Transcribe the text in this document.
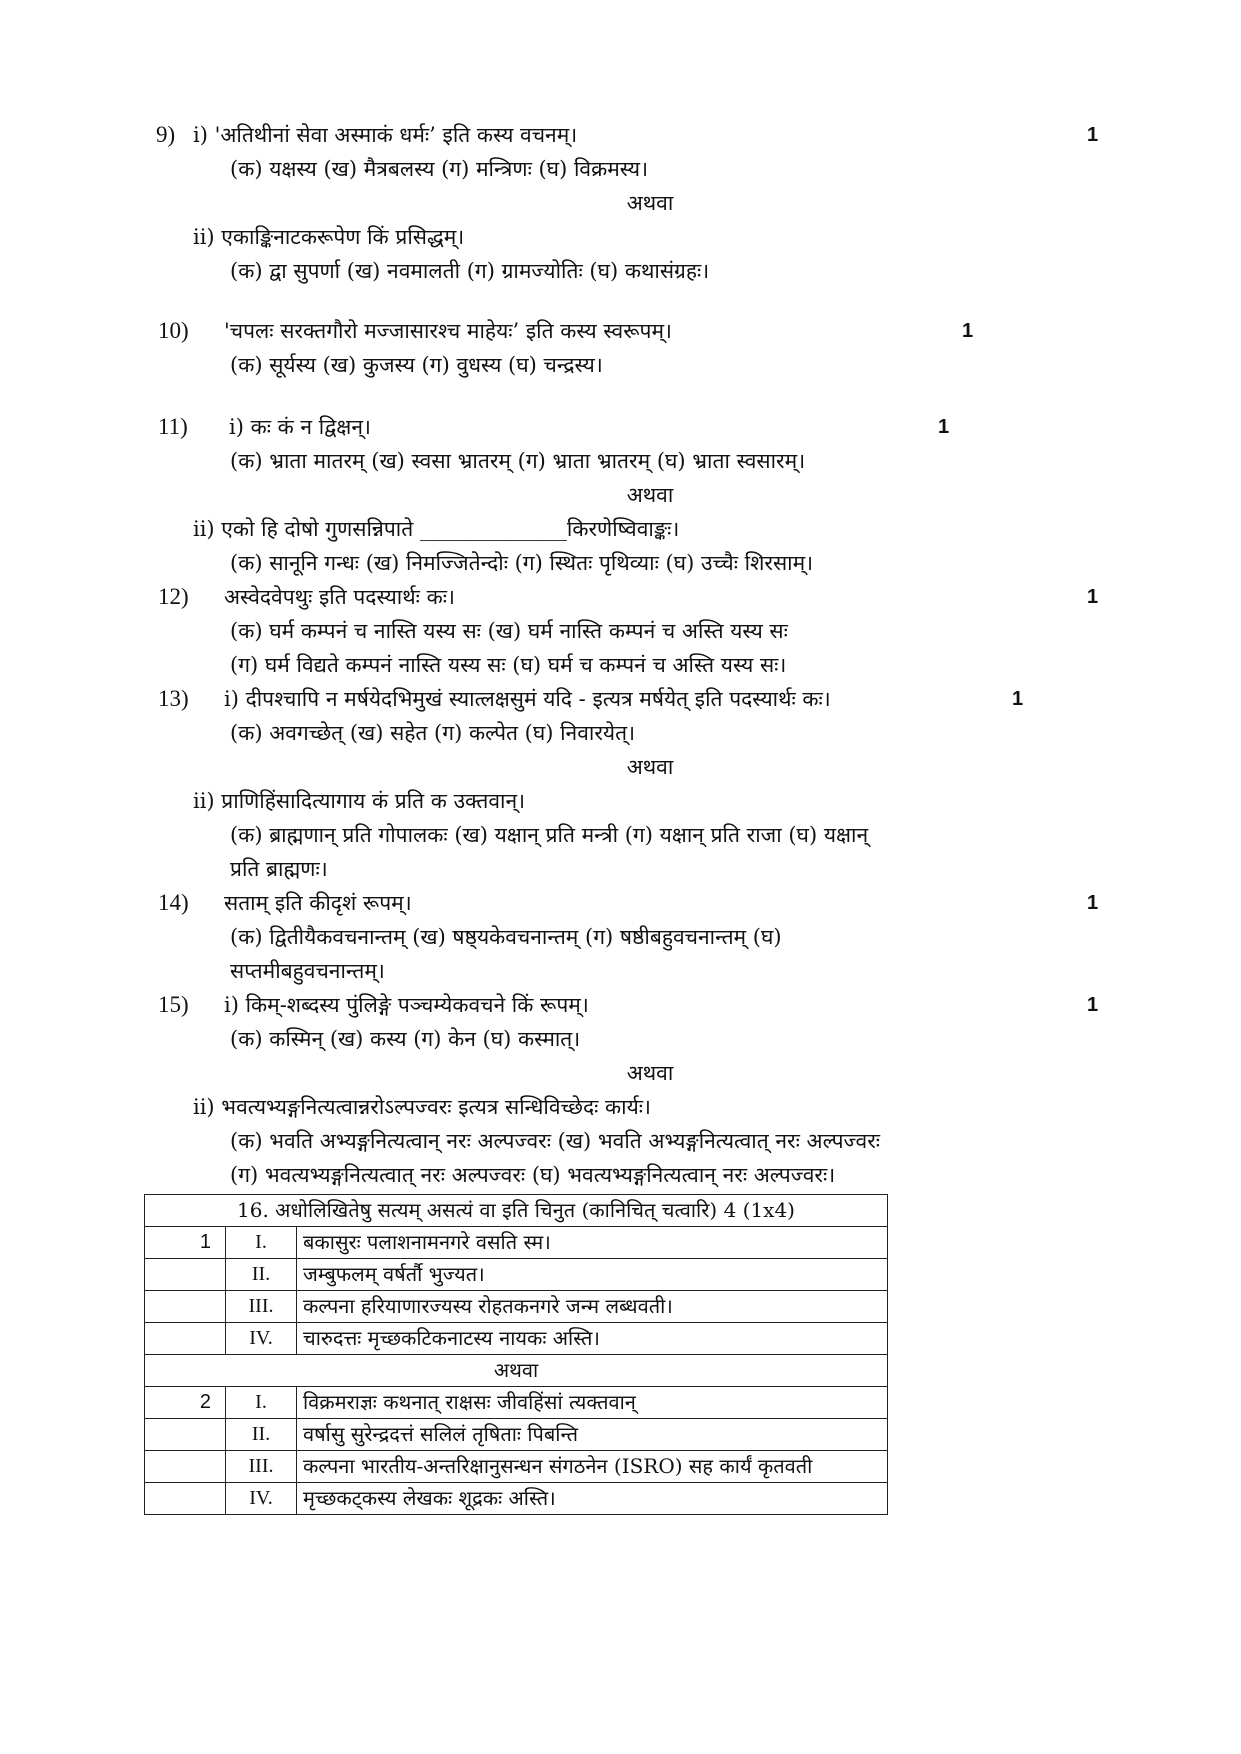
9) i) 'अतिथीनां सेवा अस्माकं धर्मः’ इति कस्य वचनम्।	1
(क) यक्षस्य (ख) मैत्रबलस्य (ग) मन्त्रिणः (घ) विक्रमस्य।
अथवा
ii) एकाङ्किनाटकरूपेण किं प्रसिद्धम्।
(क) द्वा सुपर्णा (ख) नवमालती (ग) ग्रामज्योतिः (घ) कथासंग्रहः।
10) 'चपलः सरक्तगौरो मज्जासारश्च माहेयः’ इति कस्य स्वरूपम्।	1
(क) सूर्यस्य (ख) कुजस्य (ग) वुधस्य (घ) चन्द्रस्य।
11) i) कः कं न द्विक्षन्।	1
(क) भ्राता मातरम् (ख) स्वसा भ्रातरम् (ग) भ्राता भ्रातरम् (घ) भ्राता स्वसारम्।
अथवा
ii) एको हि दोषो गुणसन्निपाते ______________किरणेष्विवाङ्कः।
(क) सानूनि गन्धः (ख) निमज्जितेन्दोः (ग) स्थितः पृथिव्याः (घ) उच्चैः शिरसाम्।
12) अस्वेदवेपथुः इति पदस्यार्थः कः।	1
(क) घर्म कम्पनं च नास्ति यस्य सः (ख) घर्म नास्ति कम्पनं च अस्ति यस्य सः
(ग) घर्म विद्यते कम्पनं नास्ति यस्य सः (घ) घर्म च कम्पनं च अस्ति यस्य सः।
13) i) दीपश्चापि न मर्षयेदभिमुखं स्यात्लक्षसुमं यदि - इत्यत्र मर्षयेत् इति पदस्यार्थः कः।	1
(क) अवगच्छेत् (ख) सहेत (ग) कल्पेत (घ) निवारयेत्।
अथवा
ii) प्राणिहिंसादित्यागाय कं प्रति क उक्तवान्।
(क) ब्राह्मणान् प्रति गोपालकः (ख) यक्षान् प्रति मन्त्री (ग) यक्षान् प्रति राजा (घ) यक्षान्
प्रति ब्राह्मणः।
14) सताम् इति कीदृशं रूपम्।	1
(क) द्वितीयैकवचनान्तम् (ख) षष्ठ्यकेवचनान्तम् (ग) षष्ठीबहुवचनान्तम् (घ)
सप्तमीबहुवचनान्तम्।
15) i) किम्-शब्दस्य पुंलिङ्गे पञ्चम्येकवचने किं रूपम्।	1
(क) कस्मिन् (ख) कस्य (ग) केन (घ) कस्मात्।
अथवा
ii) भवत्यभ्यङ्गनित्यत्वान्नरोऽल्पज्वरः इत्यत्र सन्धिविच्छेदः कार्यः।
(क) भवति अभ्यङ्गनित्यत्वान् नरः अल्पज्वरः (ख) भवति अभ्यङ्गनित्यत्वात् नरः अल्पज्वरः
(ग) भवत्यभ्यङ्गनित्यत्वात् नरः अल्पज्वरः (घ) भवत्यभ्यङ्गनित्यत्वान् नरः अल्पज्वरः।
16. अधोलिखितेषु सत्यम् असत्यं वा इति चिनुत (कानिचित् चत्वारि) 4 (1x4)		
1	I.	बकासुरः पलाशनामनगरे वसति स्म।
	II.	जम्बुफलम् वर्षर्तौ भुज्यत।
	III.	कल्पना हरियाणारज्यस्य रोहतकनगरे जन्म लब्धवती।
	IV.	चारुदत्तः मृच्छकटिकनाटस्य नायकः अस्ति।
अथवा		
2	I.	विक्रमराज्ञः कथनात् राक्षसः जीवहिंसां त्यक्तवान्
	II.	वर्षासु सुरेन्द्रदत्तं सलिलं तृषिताः पिबन्ति
	III.	कल्पना भारतीय-अन्तरिक्षानुसन्धन संगठनेन (ISRO) सह कार्यं कृतवती
	IV.	मृच्छकट्कस्य लेखकः शूद्रकः अस्ति।
